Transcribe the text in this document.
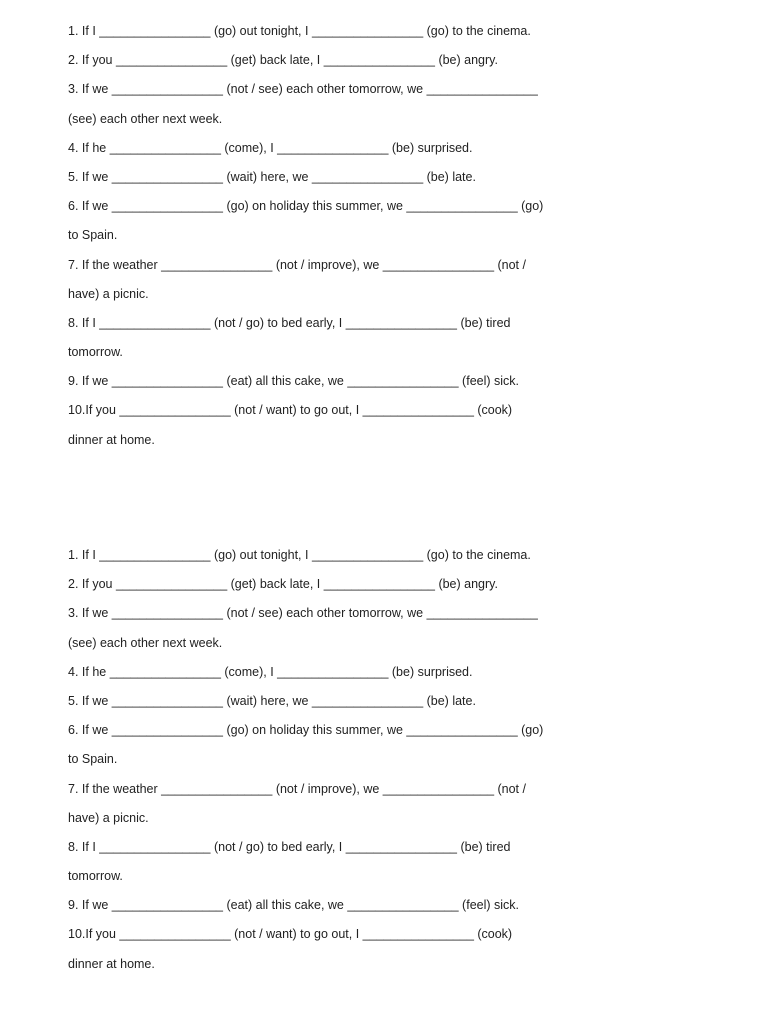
1. If I ________________ (go) out tonight, I ________________ (go) to the cinema.
2. If you ________________ (get) back late, I ________________ (be) angry.
3. If we ________________ (not / see) each other tomorrow, we ________________
(see) each other next week.
4. If he ________________ (come), I ________________ (be) surprised.
5. If we ________________ (wait) here, we ________________ (be) late.
6. If we ________________ (go) on holiday this summer, we ________________ (go)
to Spain.
7. If the weather ________________ (not / improve), we ________________ (not /
have) a picnic.
8. If I ________________ (not / go) to bed early, I ________________ (be) tired
tomorrow.
9. If we ________________ (eat) all this cake, we ________________ (feel) sick.
10.If you ________________ (not / want) to go out, I ________________ (cook)
dinner at home.
1. If I ________________ (go) out tonight, I ________________ (go) to the cinema.
2. If you ________________ (get) back late, I ________________ (be) angry.
3. If we ________________ (not / see) each other tomorrow, we ________________
(see) each other next week.
4. If he ________________ (come), I ________________ (be) surprised.
5. If we ________________ (wait) here, we ________________ (be) late.
6. If we ________________ (go) on holiday this summer, we ________________ (go)
to Spain.
7. If the weather ________________ (not / improve), we ________________ (not /
have) a picnic.
8. If I ________________ (not / go) to bed early, I ________________ (be) tired
tomorrow.
9. If we ________________ (eat) all this cake, we ________________ (feel) sick.
10.If you ________________ (not / want) to go out, I ________________ (cook)
dinner at home.
